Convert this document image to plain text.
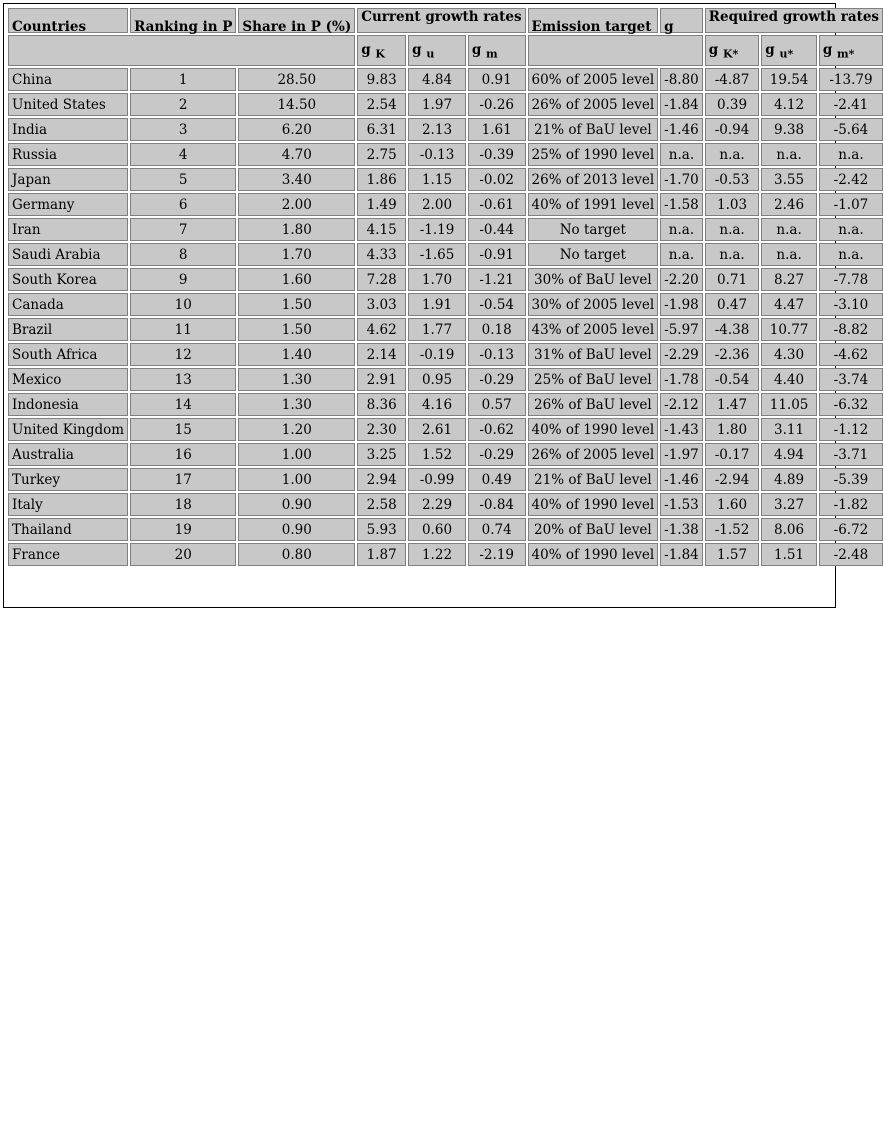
Countries	Ranking in P	Share in P (%)	Current growth rates			Emission target	g	Required growth rates		
			g $_K$	g $_u$	g $_m$			g $_{K*}$	g $_{u*}$	g $_{m*}$
China	1	28.50	9.83	4.84	0.91	60% of 2005 level	-8.80	-4.87	19.54	-13.79
United States	2	14.50	2.54	1.97	-0.26	26% of 2005 level	-1.84	0.39	4.12	-2.41
India	3	6.20	6.31	2.13	1.61	21% of BaU level	-1.46	-0.94	9.38	-5.64
Russia	4	4.70	2.75	-0.13	-0.39	25% of 1990 level	n.a.	n.a.	n.a.	n.a.
Japan	5	3.40	1.86	1.15	-0.02	26% of 2013 level	-1.70	-0.53	3.55	-2.42
Germany	6	2.00	1.49	2.00	-0.61	40% of 1991 level	-1.58	1.03	2.46	-1.07
Iran	7	1.80	4.15	-1.19	-0.44	No target	n.a.	n.a.	n.a.	n.a.
Saudi Arabia	8	1.70	4.33	-1.65	-0.91	No target	n.a.	n.a.	n.a.	n.a.
South Korea	9	1.60	7.28	1.70	-1.21	30% of BaU level	-2.20	0.71	8.27	-7.78
Canada	10	1.50	3.03	1.91	-0.54	30% of 2005 level	-1.98	0.47	4.47	-3.10
Brazil	11	1.50	4.62	1.77	0.18	43% of 2005 level	-5.97	-4.38	10.77	-8.82
South Africa	12	1.40	2.14	-0.19	-0.13	31% of BaU level	-2.29	-2.36	4.30	-4.62
Mexico	13	1.30	2.91	0.95	-0.29	25% of BaU level	-1.78	-0.54	4.40	-3.74
Indonesia	14	1.30	8.36	4.16	0.57	26% of BaU level	-2.12	1.47	11.05	-6.32
United Kingdom	15	1.20	2.30	2.61	-0.62	40% of 1990 level	-1.43	1.80	3.11	-1.12
Australia	16	1.00	3.25	1.52	-0.29	26% of 2005 level	-1.97	-0.17	4.94	-3.71
Turkey	17	1.00	2.94	-0.99	0.49	21% of BaU level	-1.46	-2.94	4.89	-5.39
Italy	18	0.90	2.58	2.29	-0.84	40% of 1990 level	-1.53	1.60	3.27	-1.82
Thailand	19	0.90	5.93	0.60	0.74	20% of BaU level	-1.38	-1.52	8.06	-6.72
France	20	0.80	1.87	1.22	-2.19	40% of 1990 level	-1.84	1.57	1.51	-2.48
